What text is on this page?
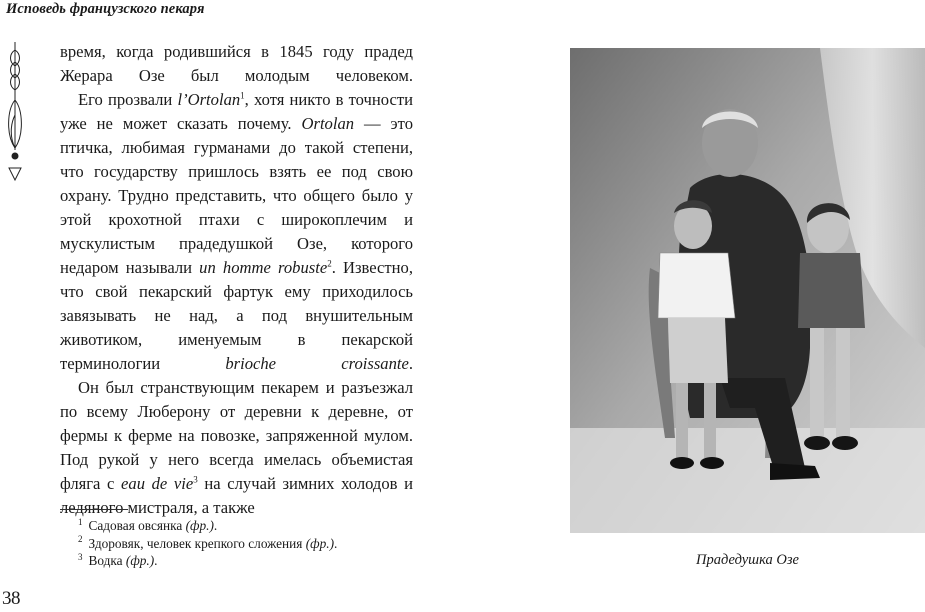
Исповедь французского пекаря

время, когда родившийся в 1845 году прадед Жерара Озе был молодым человеком.

Его прозвали l’Ortolan$^1$, хотя никто в точности уже не может сказать почему. Ortolan — это птичка, любимая гурманами до такой степени, что государству пришлось взять ее под свою охрану. Трудно представить, что общего было у этой крохотной птахи с широкоплечим и мускулистым прадедушкой Озе, которого недаром называли un homme robuste$^2$. Известно, что свой пекарский фартук ему приходилось завязывать не над, а под внушительным животиком, именуемым в пекарской терминологии brioche croissante.

Он был странствующим пекарем и разъезжал по всему Люберону от деревни к деревне, от фермы к ферме на повозке, запряженной мулом. Под рукой у него всегда имелась объемистая фляга с eau de vie$^3$ на случай зимних холодов и ледяного мистраля, а также

$^1$ Садовая овсянка (фр.).
$^2$ Здоровяк, человек крепкого сложения (фр.).
$^3$ Водка (фр.).
38
Прадедушка Озе
